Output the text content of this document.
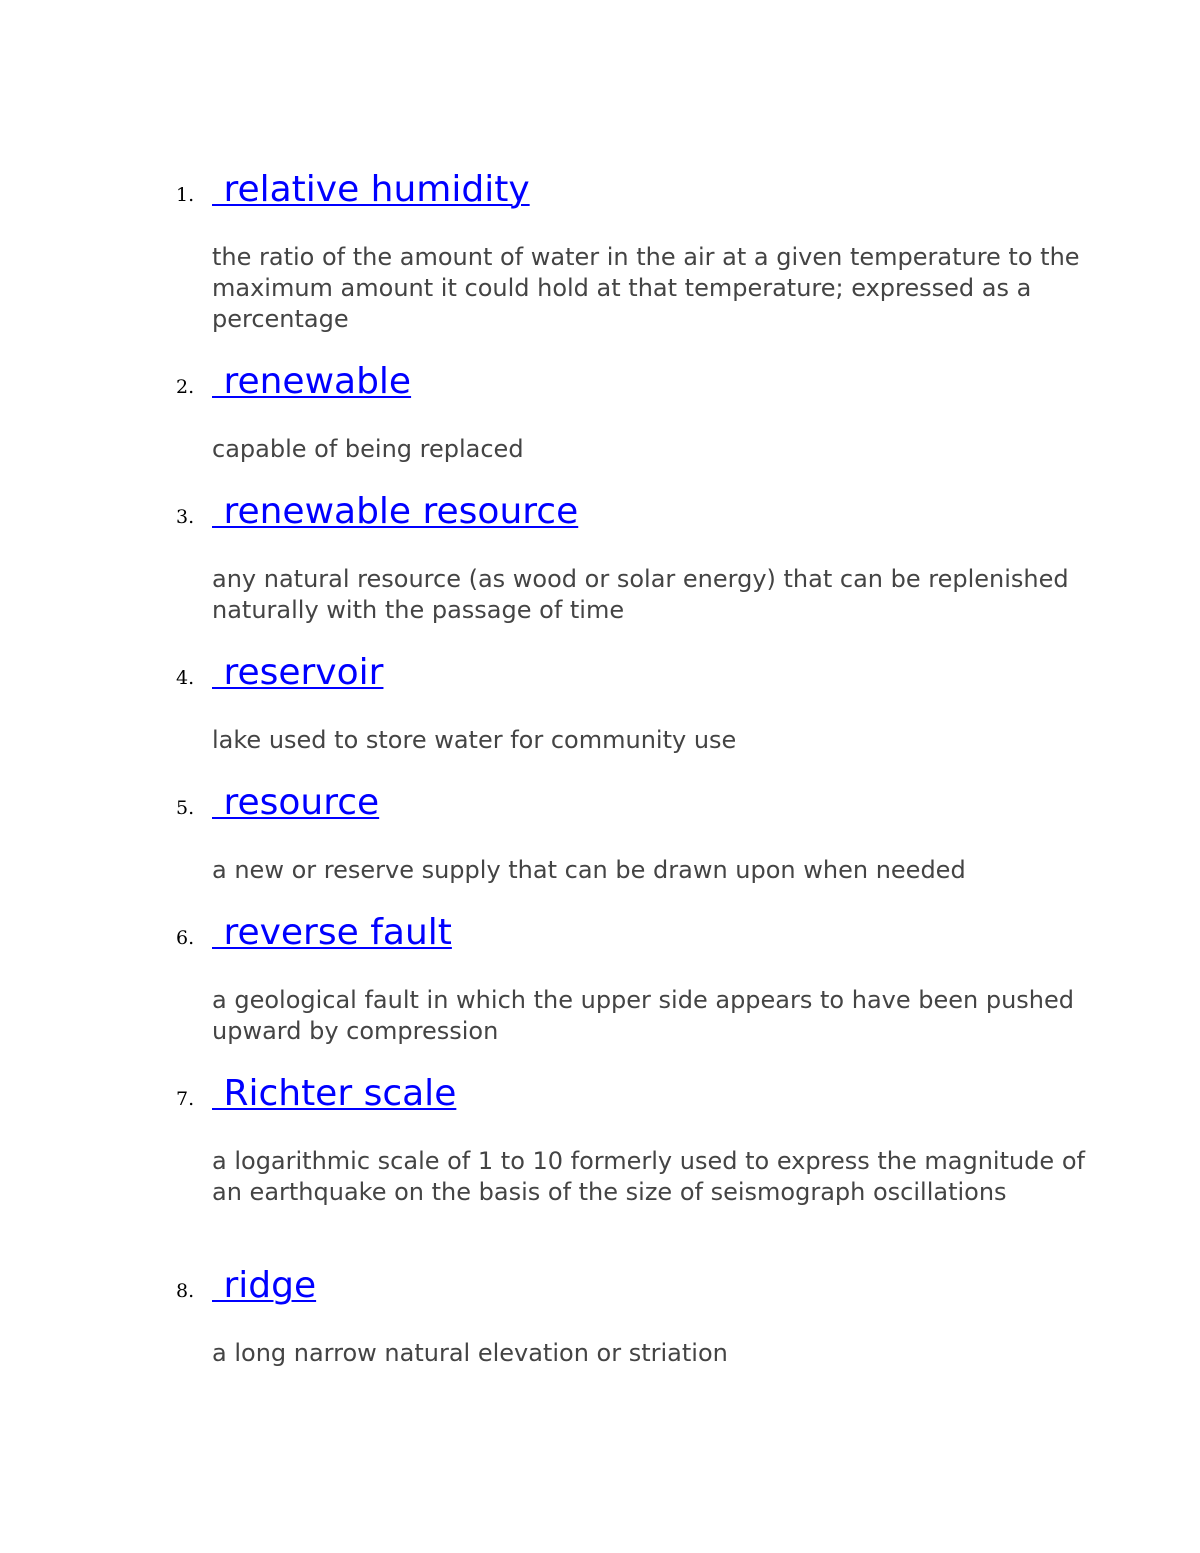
1. relative humidity
the ratio of the amount of water in the air at a given temperature to the maximum amount it could hold at that temperature; expressed as a percentage
2. renewable
capable of being replaced
3. renewable resource
any natural resource (as wood or solar energy) that can be replenished naturally with the passage of time
4. reservoir
lake used to store water for community use
5. resource
a new or reserve supply that can be drawn upon when needed
6. reverse fault
a geological fault in which the upper side appears to have been pushed upward by compression
7. Richter scale
a logarithmic scale of 1 to 10 formerly used to express the magnitude of an earthquake on the basis of the size of seismograph oscillations
8. ridge
a long narrow natural elevation or striation
